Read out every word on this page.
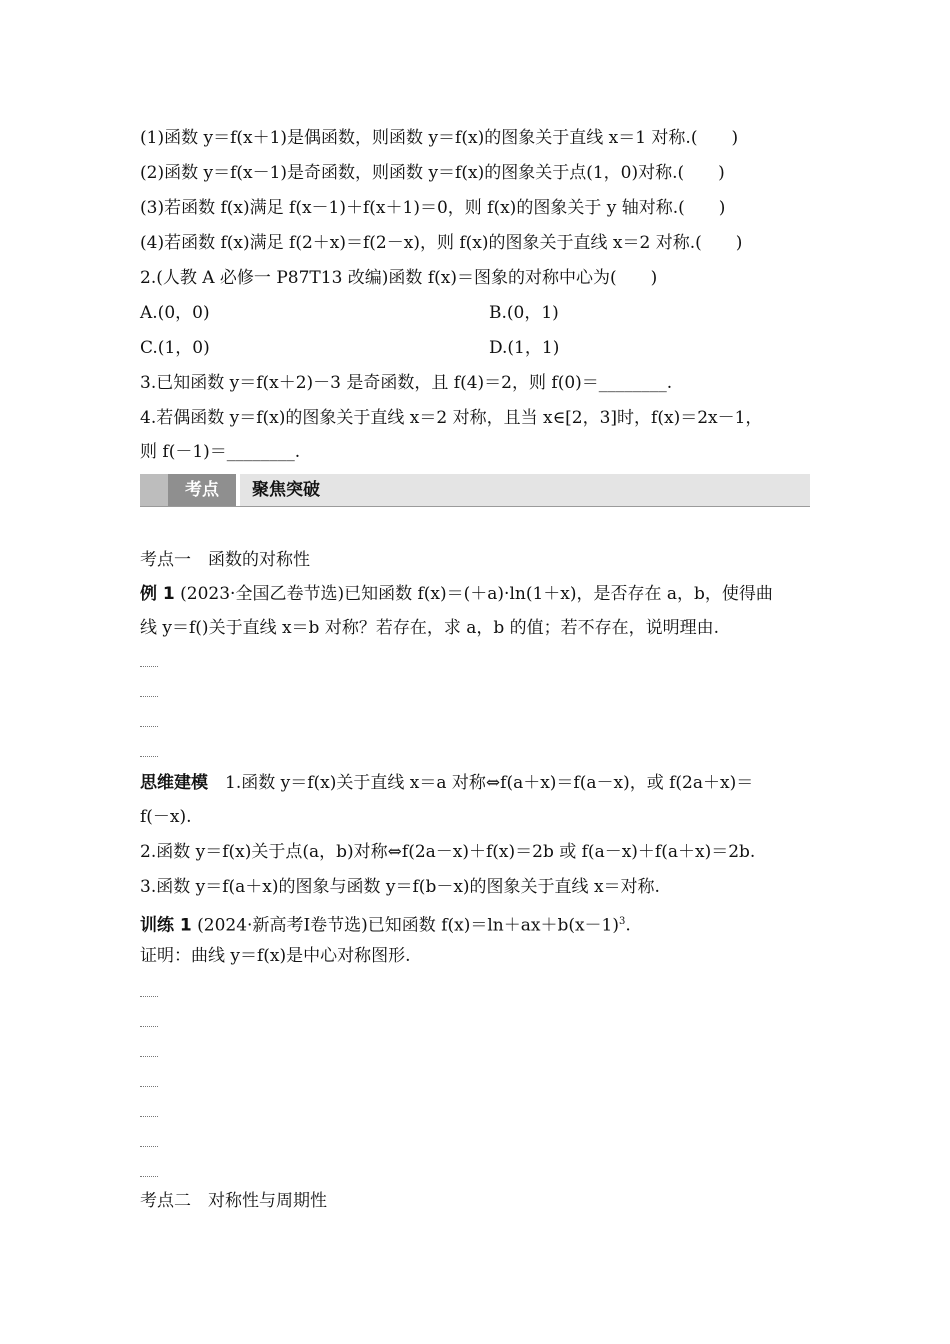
(1)函数 y＝f(x＋1)是偶函数，则函数 y＝f(x)的图象关于直线 x＝1 对称.(　　)
(2)函数 y＝f(x－1)是奇函数，则函数 y＝f(x)的图象关于点(1，0)对称.(　　)
(3)若函数 f(x)满足 f(x－1)＋f(x＋1)＝0，则 f(x)的图象关于 y 轴对称.(　　)
(4)若函数 f(x)满足 f(2＋x)＝f(2－x)，则 f(x)的图象关于直线 x＝2 对称.(　　)
2.(人教 A 必修一 P87T13 改编)函数 f(x)＝图象的对称中心为(　　)
A.(0，0)	B.(0，1)
C.(1，0)	D.(1，1)
3.已知函数 y＝f(x＋2)－3 是奇函数，且 f(4)＝2，则 f(0)＝________.
4.若偶函数 y＝f(x)的图象关于直线 x＝2 对称，且当 x∈[2，3]时，f(x)＝2x－1，
则 f(－1)＝________.
考点	聚焦突破
考点一　函数的对称性
例 1 (2023·全国乙卷节选)已知函数 f(x)＝(＋a)·ln(1＋x)，是否存在 a，b，使得曲
线 y＝f()关于直线 x＝b 对称？若存在，求 a，b 的值；若不存在，说明理由.
思维建模　1.函数 y＝f(x)关于直线 x＝a 对称⇔f(a＋x)＝f(a－x)，或 f(2a＋x)＝
f(－x).
2.函数 y＝f(x)关于点(a，b)对称⇔f(2a－x)＋f(x)＝2b 或 f(a－x)＋f(a＋x)＝2b.
3.函数 y＝f(a＋x)的图象与函数 y＝f(b－x)的图象关于直线 x＝对称.
训练 1 (2024·新高考Ⅰ卷节选)已知函数 $f(x)=\ln+ax+b(x-1)^3$.
证明：曲线 y＝f(x)是中心对称图形.
考点二　对称性与周期性
